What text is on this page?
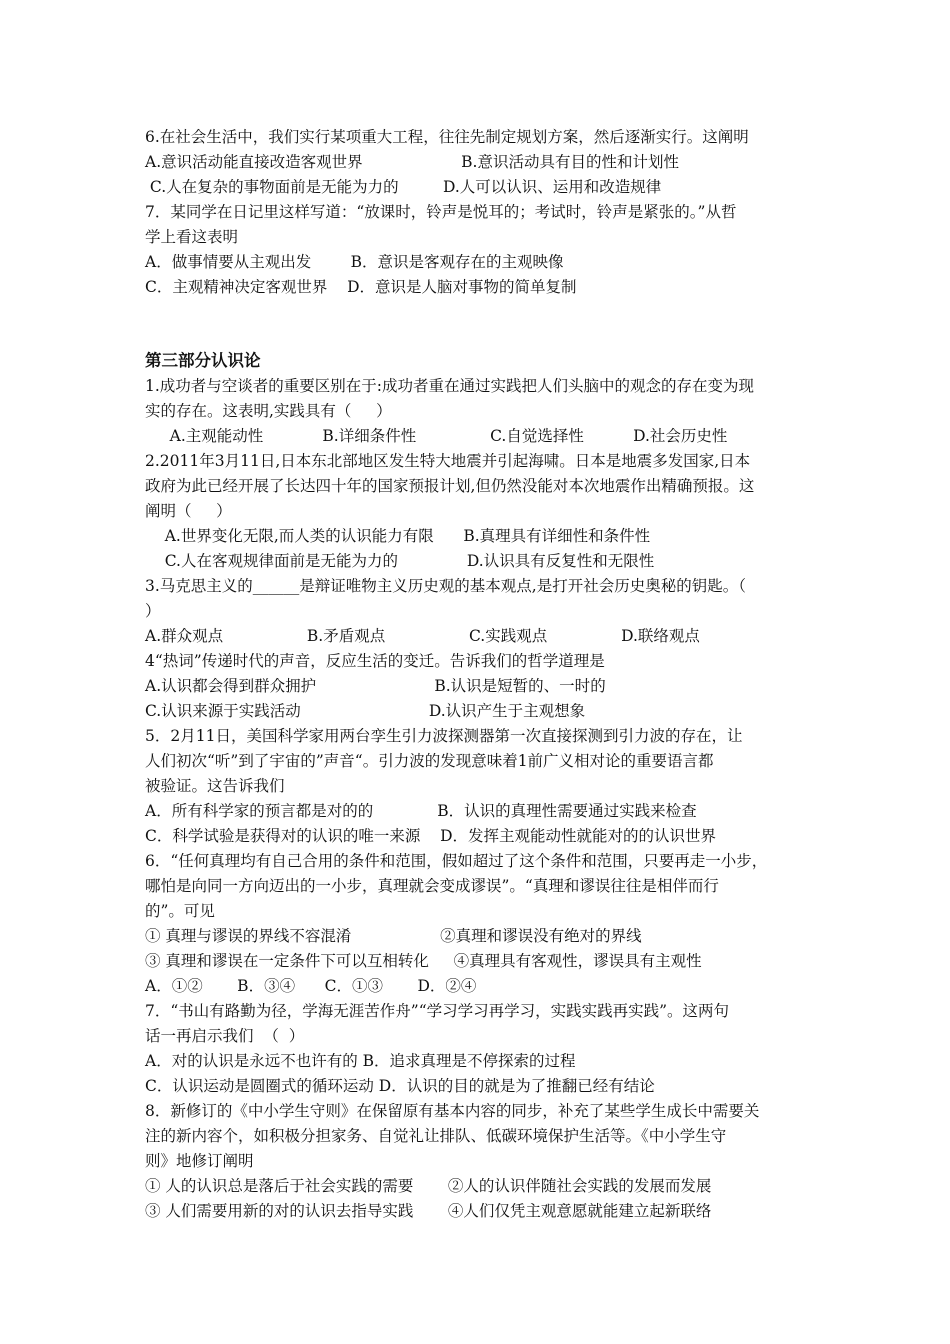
6.在社会生活中，我们实行某项重大工程，往往先制定规划方案，然后逐渐实行。这阐明
A.意识活动能直接改造客观世界                    B.意识活动具有目的性和计划性
C.人在复杂的事物面前是无能为力的         D.人可以认识、运用和改造规律
7．某同学在日记里这样写道：“放课时，铃声是悦耳的；考试时，铃声是紧张的。”从哲
学上看这表明
A．做事情要从主观出发        B．意识是客观存在的主观映像
C．主观精神决定客观世界    D．意识是人脑对事物的简单复制
第三部分认识论
1.成功者与空谈者的重要区别在于:成功者重在通过实践把人们头脑中的观念的存在变为现
实的存在。这表明,实践具有（     ）
A.主观能动性            B.详细条件性               C.自觉选择性          D.社会历史性
2.2011年3月11日,日本东北部地区发生特大地震并引起海啸。日本是地震多发国家,日本
政府为此已经开展了长达四十年的国家预报计划,但仍然没能对本次地震作出精确预报。这
阐明（     ）
A.世界变化无限,而人类的认识能力有限      B.真理具有详细性和条件性
C.人在客观规律面前是无能为力的              D.认识具有反复性和无限性
3.马克思主义的______是辩证唯物主义历史观的基本观点,是打开社会历史奥秘的钥匙。（
）
A.群众观点                 B.矛盾观点                 C.实践观点               D.联络观点
4“热词”传递时代的声音，反应生活的变迁。告诉我们的哲学道理是
A.认识都会得到群众拥护                        B.认识是短暂的、一时的
C.认识来源于实践活动                          D.认识产生于主观想象
5．2月11日，美国科学家用两台孪生引力波探测器第一次直接探测到引力波的存在，让
人们初次“听”到了宇宙的”声音“。引力波的发现意味着1前广义相对论的重要语言都
被验证。这告诉我们
A．所有科学家的预言都是对的的             B．认识的真理性需要通过实践来检查
C．科学试验是获得对的认识的唯一来源    D．发挥主观能动性就能对的的认识世界
6．“任何真理均有自己合用的条件和范围，假如超过了这个条件和范围，只要再走一小步，
哪怕是向同一方向迈出的一小步，真理就会变成谬误”。“真理和谬误往往是相伴而行
的”。可见
① 真理与谬误的界线不容混淆                  ②真理和谬误没有绝对的界线
③ 真理和谬误在一定条件下可以互相转化     ④真理具有客观性，谬误具有主观性
A．①②       B．③④      C．①③       D．②④
7．“书山有路勤为径，学海无涯苦作舟”“学习学习再学习，实践实践再实践”。这两句
话一再启示我们  （  ）
A．对的认识是永远不也许有的 B．追求真理是不停探索的过程
C．认识运动是圆圈式的循环运动 D．认识的目的就是为了推翻已经有结论
8．新修订的《中小学生守则》在保留原有基本内容的同步，补充了某些学生成长中需要关
注的新内容个，如积极分担家务、自觉礼让排队、低碳环境保护生活等。《中小学生守
则》地修订阐明
① 人的认识总是落后于社会实践的需要       ②人的认识伴随社会实践的发展而发展
③ 人们需要用新的对的认识去指导实践       ④人们仅凭主观意愿就能建立起新联络
